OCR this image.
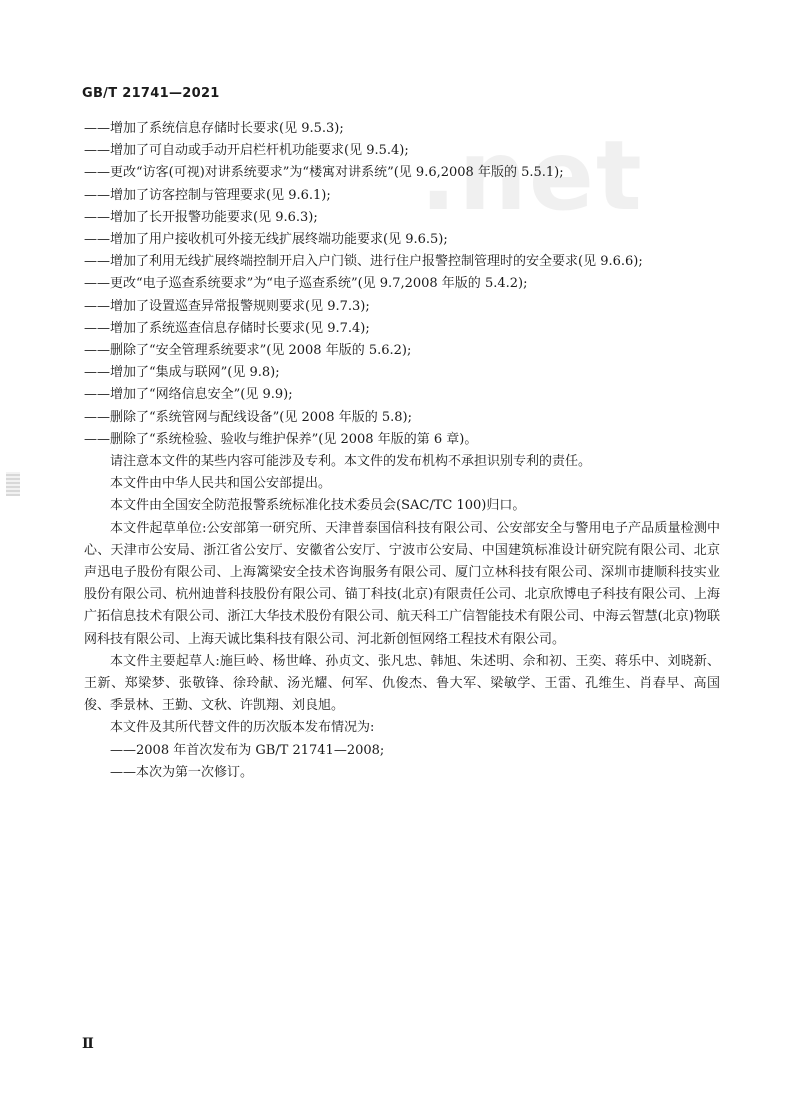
GB/T 21741—2021
.net

——增加了系统信息存储时长要求(见 9.5.3);

——增加了可自动或手动开启栏杆机功能要求(见 9.5.4);

——更改“访客(可视)对讲系统要求”为“楼寓对讲系统”(见 9.6,2008 年版的 5.5.1);

——增加了访客控制与管理要求(见 9.6.1);

——增加了长开报警功能要求(见 9.6.3);

——增加了用户接收机可外接无线扩展终端功能要求(见 9.6.5);

——增加了利用无线扩展终端控制开启入户门锁、进行住户报警控制管理时的安全要求(见 9.6.6);

——更改“电子巡查系统要求”为“电子巡查系统”(见 9.7,2008 年版的 5.4.2);

——增加了设置巡查异常报警规则要求(见 9.7.3);

——增加了系统巡查信息存储时长要求(见 9.7.4);

——删除了“安全管理系统要求”(见 2008 年版的 5.6.2);

——增加了“集成与联网”(见 9.8);

——增加了“网络信息安全”(见 9.9);

——删除了“系统管网与配线设备”(见 2008 年版的 5.8);

——删除了“系统检验、验收与维护保养”(见 2008 年版的第 6 章)。

请注意本文件的某些内容可能涉及专利。本文件的发布机构不承担识别专利的责任。

本文件由中华人民共和国公安部提出。

本文件由全国安全防范报警系统标准化技术委员会(SAC/TC 100)归口。

本文件起草单位:公安部第一研究所、天津普泰国信科技有限公司、公安部安全与警用电子产品质量检测中心、天津市公安局、浙江省公安厅、安徽省公安厅、宁波市公安局、中国建筑标准设计研究院有限公司、北京声迅电子股份有限公司、上海篱梁安全技术咨询服务有限公司、厦门立林科技有限公司、深圳市捷顺科技实业股份有限公司、杭州迪普科技股份有限公司、锚丁科技(北京)有限责任公司、北京欣博电子科技有限公司、上海广拓信息技术有限公司、浙江大华技术股份有限公司、航天科工广信智能技术有限公司、中海云智慧(北京)物联网科技有限公司、上海天诚比集科技有限公司、河北新创恒网络工程技术有限公司。

本文件主要起草人:施巨岭、杨世峰、孙贞文、张凡忠、韩旭、朱述明、佘和初、王奕、蒋乐中、刘晓新、王新、郑梁梦、张敬锋、徐玲献、汤光耀、何军、仇俊杰、鲁大军、梁敏学、王雷、孔维生、肖春早、高国俊、季景林、王勤、文秋、许凯翔、刘良旭。

本文件及其所代替文件的历次版本发布情况为:

——2008 年首次发布为 GB/T 21741—2008;

——本次为第一次修订。

Ⅱ
